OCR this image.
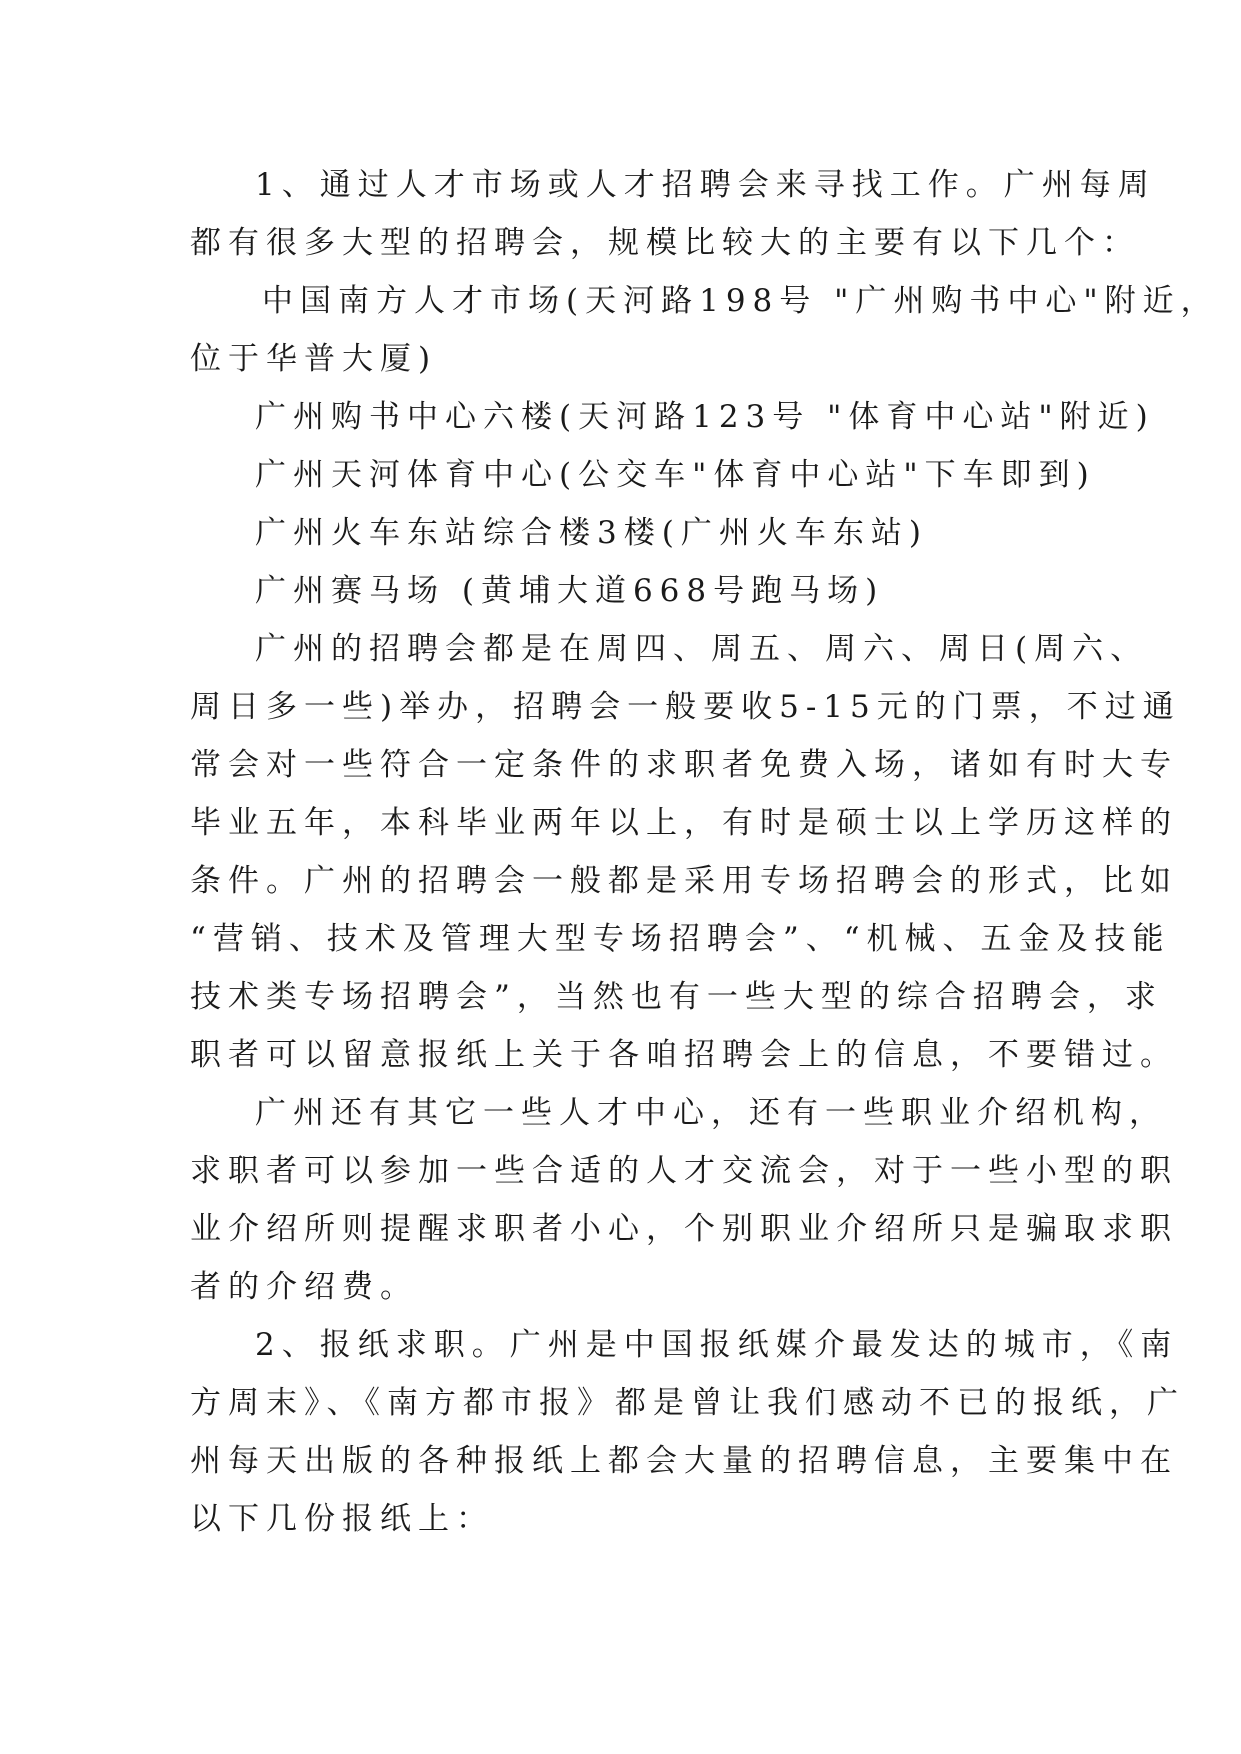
1、通过人才市场或人才招聘会来寻找工作。广州每周
都有很多大型的招聘会，规模比较大的主要有以下几个：
中国南方人才市场(天河路198号 "广州购书中心"附近，
位于华普大厦)
广州购书中心六楼(天河路123号 "体育中心站"附近)
广州天河体育中心(公交车"体育中心站"下车即到)
广州火车东站综合楼3楼(广州火车东站)
广州赛马场 (黄埔大道668号跑马场)
广州的招聘会都是在周四、周五、周六、周日(周六、
周日多一些)举办，招聘会一般要收5-15元的门票，不过通
常会对一些符合一定条件的求职者免费入场，诸如有时大专
毕业五年，本科毕业两年以上，有时是硕士以上学历这样的
条件。广州的招聘会一般都是采用专场招聘会的形式，比如
“营销、技术及管理大型专场招聘会”、“机械、五金及技能
技术类专场招聘会”，当然也有一些大型的综合招聘会，求
职者可以留意报纸上关于各咱招聘会上的信息，不要错过。
广州还有其它一些人才中心，还有一些职业介绍机构，
求职者可以参加一些合适的人才交流会，对于一些小型的职
业介绍所则提醒求职者小心，个别职业介绍所只是骗取求职
者的介绍费。
2、报纸求职。广州是中国报纸媒介最发达的城市，《南
方周末》、《南方都市报》都是曾让我们感动不已的报纸，广
州每天出版的各种报纸上都会大量的招聘信息，主要集中在
以下几份报纸上：
